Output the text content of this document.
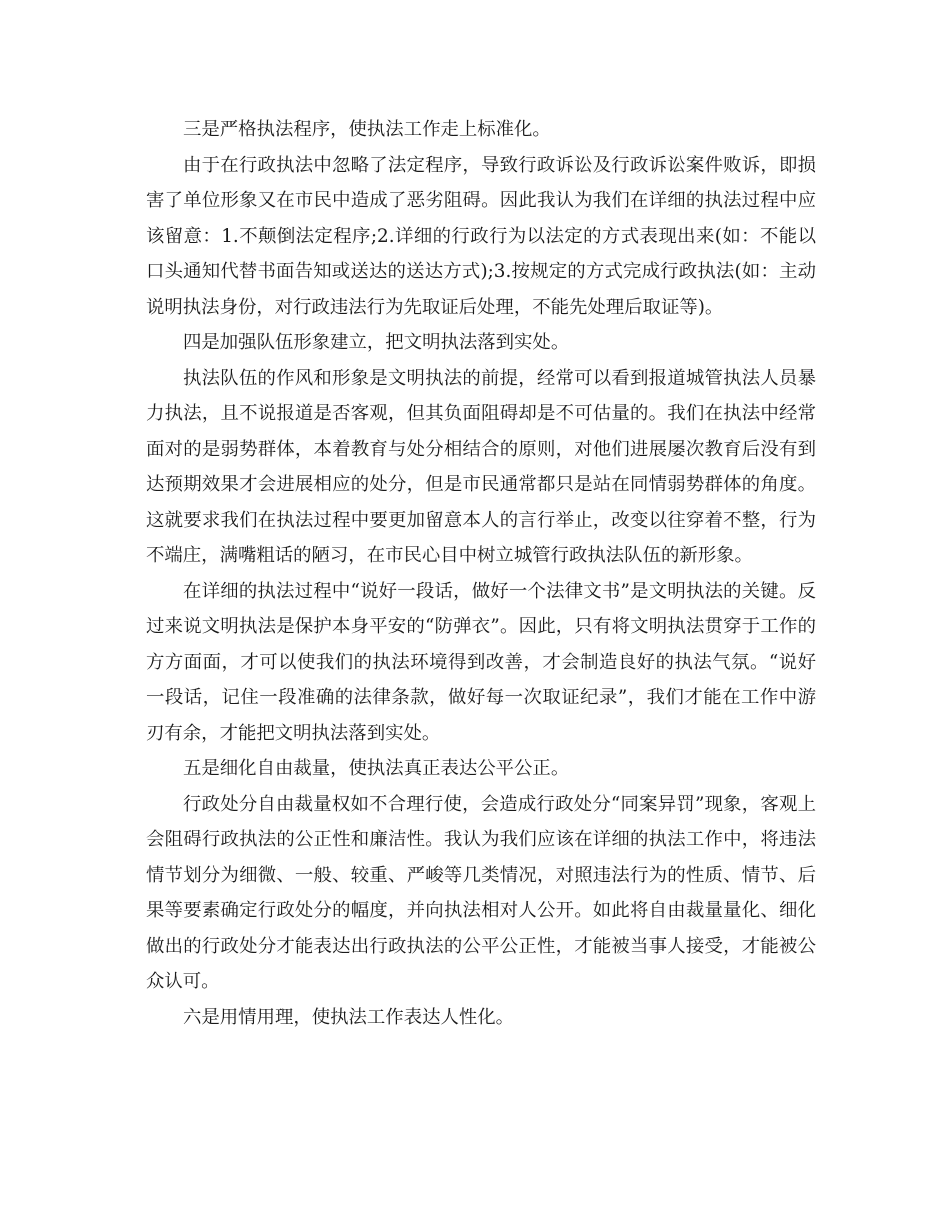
三是严格执法程序，使执法工作走上标准化。

由于在行政执法中忽略了法定程序，导致行政诉讼及行政诉讼案件败诉，即损害了单位形象又在市民中造成了恶劣阻碍。因此我认为我们在详细的执法过程中应该留意：1.不颠倒法定程序;2.详细的行政行为以法定的方式表现出来(如：不能以口头通知代替书面告知或送达的送达方式);3.按规定的方式完成行政执法(如：主动说明执法身份，对行政违法行为先取证后处理，不能先处理后取证等)。

四是加强队伍形象建立，把文明执法落到实处。

执法队伍的作风和形象是文明执法的前提，经常可以看到报道城管执法人员暴力执法，且不说报道是否客观，但其负面阻碍却是不可估量的。我们在执法中经常面对的是弱势群体，本着教育与处分相结合的原则，对他们进展屡次教育后没有到达预期效果才会进展相应的处分，但是市民通常都只是站在同情弱势群体的角度。这就要求我们在执法过程中要更加留意本人的言行举止，改变以往穿着不整，行为不端庄，满嘴粗话的陋习，在市民心目中树立城管行政执法队伍的新形象。

在详细的执法过程中“说好一段话，做好一个法律文书”是文明执法的关键。反过来说文明执法是保护本身平安的“防弹衣”。因此，只有将文明执法贯穿于工作的方方面面，才可以使我们的执法环境得到改善，才会制造良好的执法气氛。“说好一段话，记住一段准确的法律条款，做好每一次取证纪录”，我们才能在工作中游刃有余，才能把文明执法落到实处。

五是细化自由裁量，使执法真正表达公平公正。

行政处分自由裁量权如不合理行使，会造成行政处分“同案异罚”现象，客观上会阻碍行政执法的公正性和廉洁性。我认为我们应该在详细的执法工作中，将违法情节划分为细微、一般、较重、严峻等几类情况，对照违法行为的性质、情节、后果等要素确定行政处分的幅度，并向执法相对人公开。如此将自由裁量量化、细化做出的行政处分才能表达出行政执法的公平公正性，才能被当事人接受，才能被公众认可。

六是用情用理，使执法工作表达人性化。
